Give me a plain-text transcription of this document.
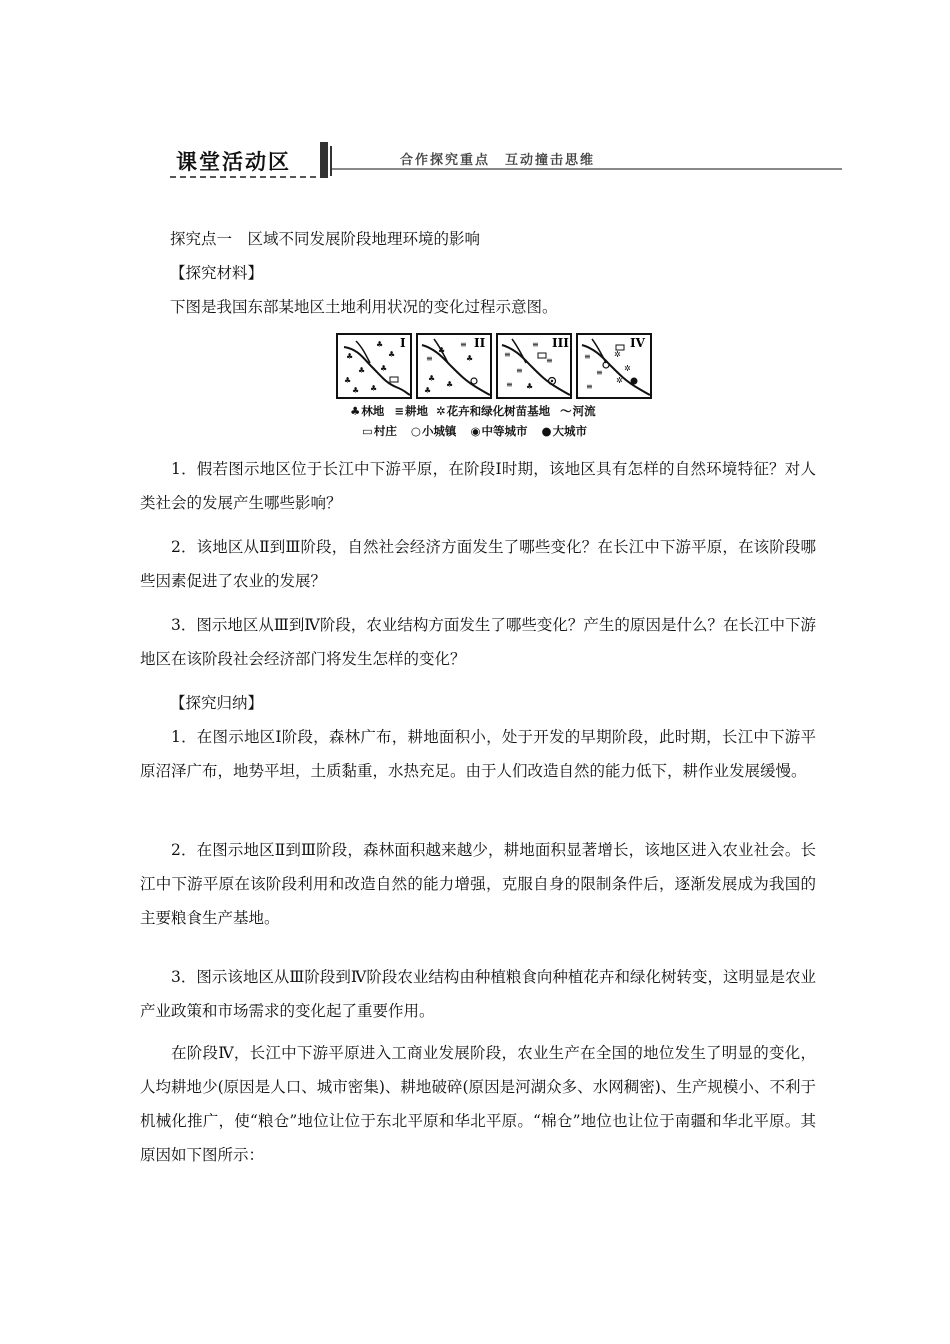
课堂活动区	合作探究重点　互动撞击思维

探究点一　区域不同发展阶段地理环境的影响

【探究材料】

下图是我国东部某地区土地利用状况的变化过程示意图。

♣
♣
♣
♣
♣
♣ ♣
♣
I
≡
♣
≡
♣
♣
♣
♣
II
≡
≡
≡
≡ ♣
≡
III
≡
≡
≡
✲
✲
✲
IV
♣林地 ≡耕地 ✲花卉和绿化树苗基地 〜河流
▭村庄 ○小城镇 ◉中等城市 ●大城市

1．假若图示地区位于长江中下游平原，在阶段Ⅰ时期，该地区具有怎样的自然环境特征？对人类社会的发展产生哪些影响？

2．该地区从Ⅱ到Ⅲ阶段，自然社会经济方面发生了哪些变化？在长江中下游平原，在该阶段哪些因素促进了农业的发展？

3．图示地区从Ⅲ到Ⅳ阶段，农业结构方面发生了哪些变化？产生的原因是什么？在长江中下游地区在该阶段社会经济部门将发生怎样的变化？

【探究归纳】

1．在图示地区Ⅰ阶段，森林广布，耕地面积小，处于开发的早期阶段，此时期，长江中下游平原沼泽广布，地势平坦，土质黏重，水热充足。由于人们改造自然的能力低下，耕作业发展缓慢。

2．在图示地区Ⅱ到Ⅲ阶段，森林面积越来越少，耕地面积显著增长，该地区进入农业社会。长江中下游平原在该阶段利用和改造自然的能力增强，克服自身的限制条件后，逐渐发展成为我国的主要粮食生产基地。

3．图示该地区从Ⅲ阶段到Ⅳ阶段农业结构由种植粮食向种植花卉和绿化树转变，这明显是农业产业政策和市场需求的变化起了重要作用。

在阶段Ⅳ，长江中下游平原进入工商业发展阶段，农业生产在全国的地位发生了明显的变化，人均耕地少(原因是人口、城市密集)、耕地破碎(原因是河湖众多、水网稠密)、生产规模小、不利于机械化推广，使“粮仓”地位让位于东北平原和华北平原。“棉仓”地位也让位于南疆和华北平原。其原因如下图所示：
